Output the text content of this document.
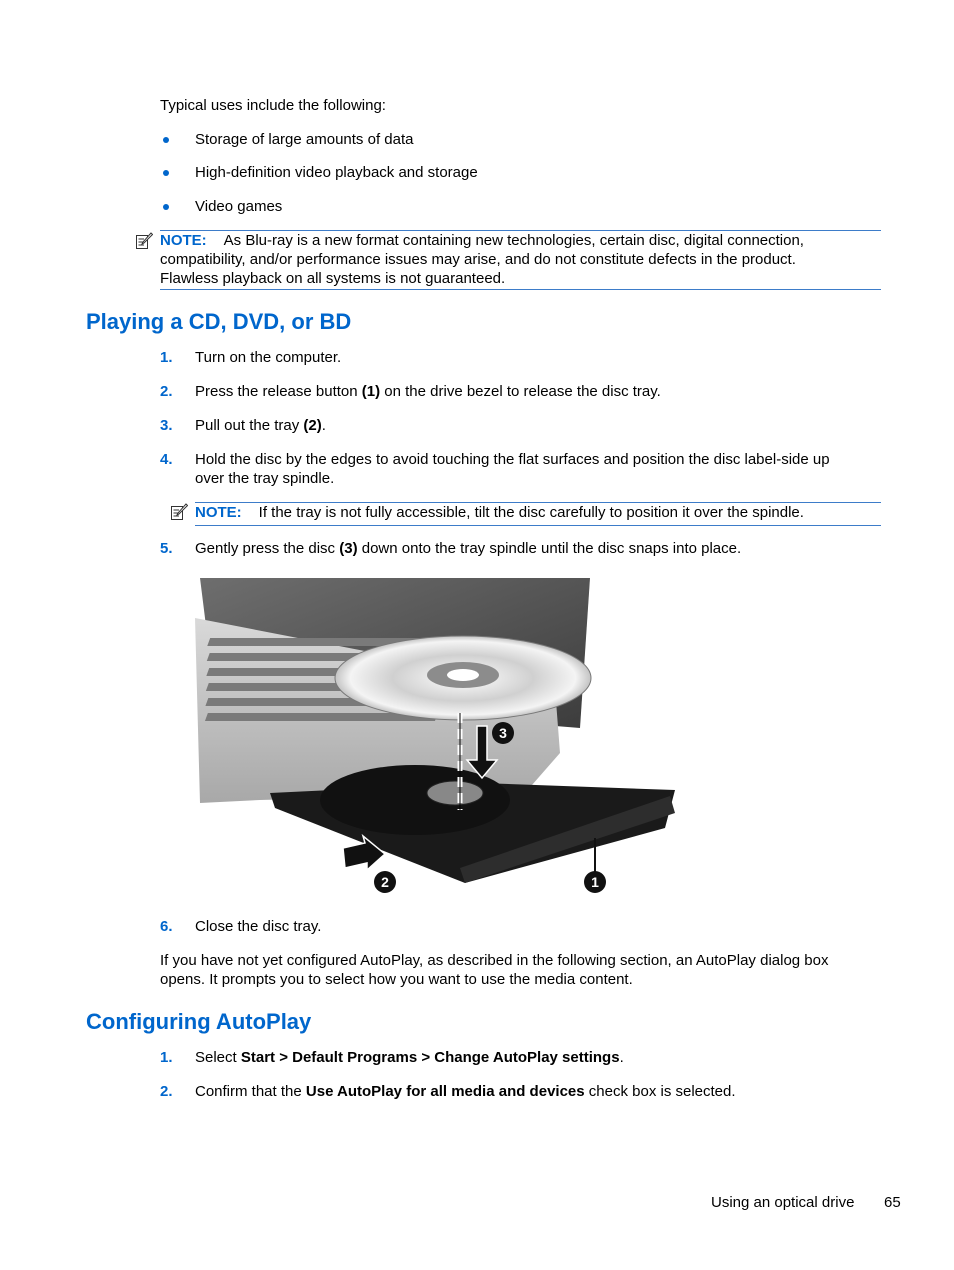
Typical uses include the following:
Storage of large amounts of data
High-definition video playback and storage
Video games
NOTE: As Blu-ray is a new format containing new technologies, certain disc, digital connection,
compatibility, and/or performance issues may arise, and do not constitute defects in the product.
Flawless playback on all systems is not guaranteed.
Playing a CD, DVD, or BD
1. Turn on the computer.
2. Press the release button (1) on the drive bezel to release the disc tray.
3. Pull out the tray (2).
4. Hold the disc by the edges to avoid touching the flat surfaces and position the disc label-side up
over the tray spindle.
NOTE: If the tray is not fully accessible, tilt the disc carefully to position it over the spindle.
5. Gently press the disc (3) down onto the tray spindle until the disc snaps into place.
3
2	1
6. Close the disc tray.
If you have not yet configured AutoPlay, as described in the following section, an AutoPlay dialog box
opens. It prompts you to select how you want to use the media content.
Configuring AutoPlay
1. Select Start > Default Programs > Change AutoPlay settings.
2. Confirm that the Use AutoPlay for all media and devices check box is selected.
Using an optical drive 65
